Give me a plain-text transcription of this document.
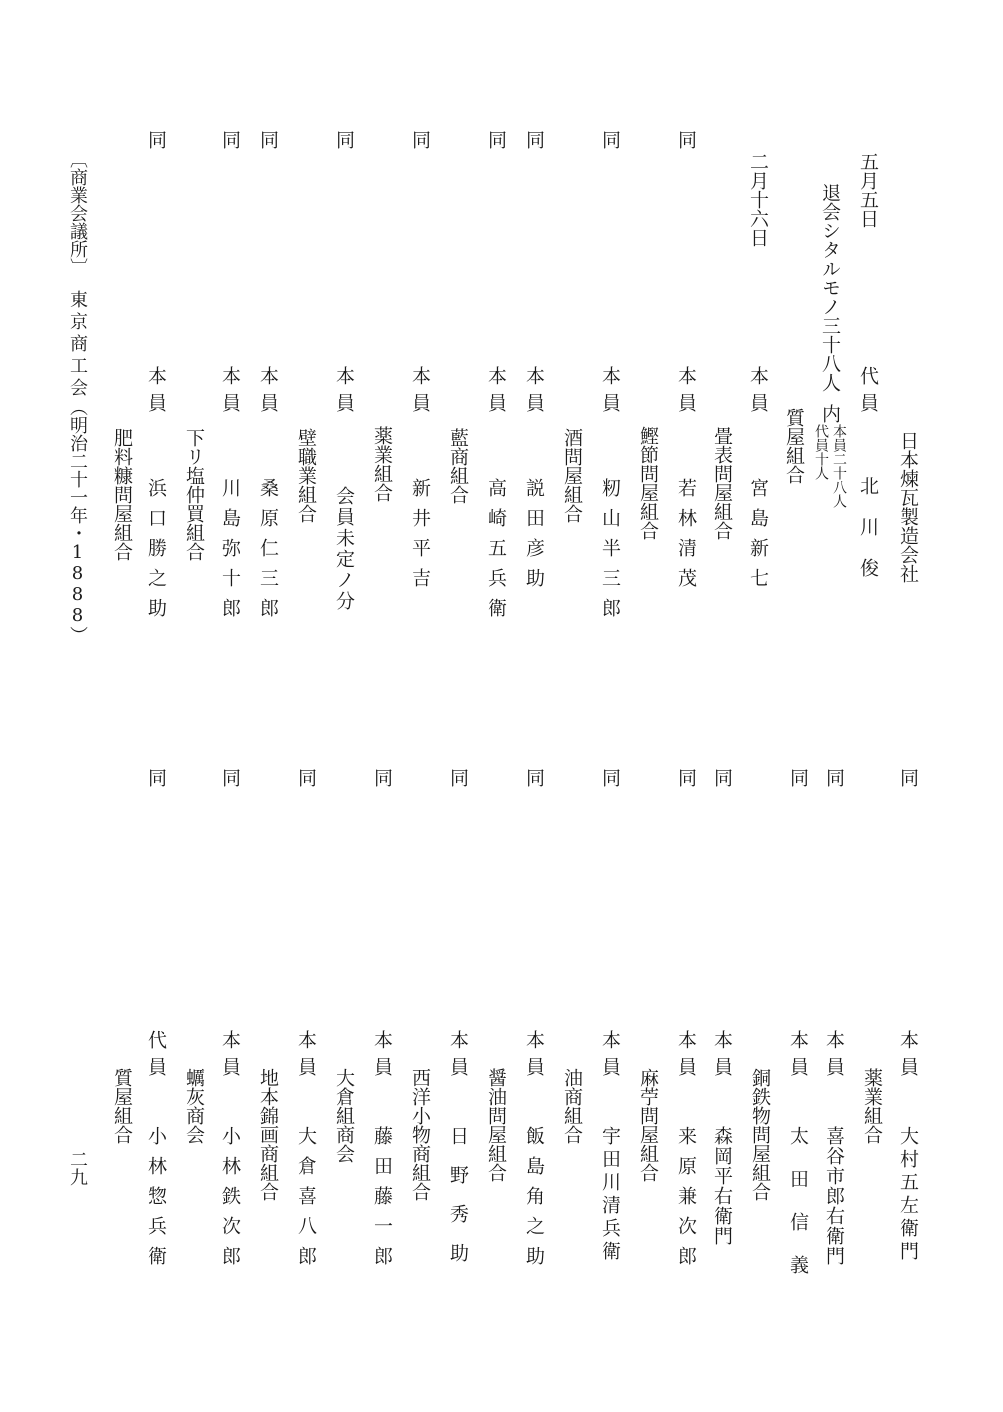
五月五日
代員
日本煉瓦製造会社
北川俊
退会シタルモノ三十八人
内
本員二十八人
代員十人
質屋組合
二月十六日
本員
宮島新七
畳表問屋組合
同
本員
若林清茂
鰹節問屋組合
同
本員
籾山半三郎
酒問屋組合
同
本員
説田彦助
同
本員
高崎五兵衛
藍商組合
同
本員
新井平吉
薬業組合
同
本員
会員未定ノ分
壁職業組合
同
本員
桑原仁三郎
同
本員
川島弥十郎
下リ塩仲買組合
同
本員
浜口勝之助
肥料糠問屋組合
同
本員
大村五左衛門
薬業組合
同
本員
喜谷市郎右衛門
同
本員
太田信義
銅鉄物問屋組合
同
本員
森岡平右衛門
同
本員
来原兼次郎
麻苧問屋組合
同
本員
宇田川清兵衛
油商組合
同
本員
飯島角之助
醤油問屋組合
同
本員
日野秀助
西洋小物商組合
同
本員
藤田藤一郎
大倉組商会
同
本員
大倉喜八郎
地本錦画商組合
同
本員
小林鉄次郎
蠣灰商会
同
代員
小林惣兵衛
質屋組合
〔商業会議所〕
東京商工会
（明治二十一年・1888）
二九
